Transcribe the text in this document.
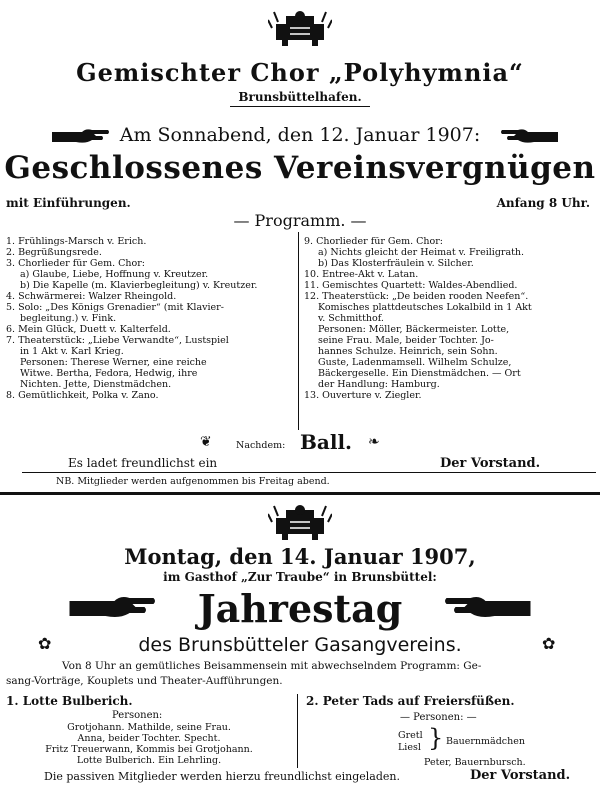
Gemischter Chor „Polyhymnia“
Brunsbüttelhafen.
Am Sonnabend, den 12. Januar 1907:
Geschlossenes Vereinsvergnügen
mit Einführungen.	Anfang 8 Uhr.
— Programm. —
1. Frühlings-Marsch v. Erich.
2. Begrüßungsrede.
3. Chorlieder für Gem. Chor:
a) Glaube, Liebe, Hoffnung v. Kreutzer.
b) Die Kapelle (m. Klavierbegleitung) v. Kreutzer.
4. Schwärmerei: Walzer Rheingold.
5. Solo: „Des Königs Grenadier“ (mit Klavier-
begleitung.) v. Fink.
6. Mein Glück, Duett v. Kalterfeld.
7. Theaterstück: „Liebe Verwandte“, Lustspiel
in 1 Akt v. Karl Krieg.
Personen: Therese Werner, eine reiche
Witwe. Bertha, Fedora, Hedwig, ihre
Nichten. Jette, Dienstmädchen.
8. Gemütlichkeit, Polka v. Zano.
9. Chorlieder für Gem. Chor:
a) Nichts gleicht der Heimat v. Freiligrath.
b) Das Klosterfräulein v. Silcher.
10. Entree-Akt v. Latan.
11. Gemischtes Quartett: Waldes-Abendlied.
12. Theaterstück: „De beiden rooden Neefen“.
Komisches plattdeutsches Lokalbild in 1 Akt
v. Schmitthof.
Personen: Möller, Bäckermeister. Lotte,
seine Frau. Male, beider Tochter. Jo-
hannes Schulze. Heinrich, sein Sohn.
Guste, Ladenmamsell. Wilhelm Schulze,
Bäckergeselle. Ein Dienstmädchen. — Ort
der Handlung: Hamburg.
13. Ouverture v. Ziegler.
❦	Nachdem: Ball. ❧
Es ladet freundlichst ein	Der Vorstand.
NB. Mitglieder werden aufgenommen bis Freitag abend.
Montag, den 14. Januar 1907,
im Gasthof „Zur Traube“ in Brunsbüttel:
Jahrestag
✿	des Brunsbütteler Gasangvereins.	✿
Von 8 Uhr an gemütliches Beisammensein mit abwechselndem Programm: Ge-
sang-Vorträge, Kouplets und Theater-Aufführungen.
1. Lotte Bulberich.
Personen:
Grotjohann. Mathilde, seine Frau.
Anna, beider Tochter. Specht.
Fritz Treuerwann, Kommis bei Grotjohann.
Lotte Bulberich. Ein Lehrling.
2. Peter Tads auf Freiersfüßen.
— Personen: —
Gretl
Liesl } Bauernmädchen
Peter, Bauernbursch.
Die passiven Mitglieder werden hierzu freundlichst eingeladen.	Der Vorstand.
